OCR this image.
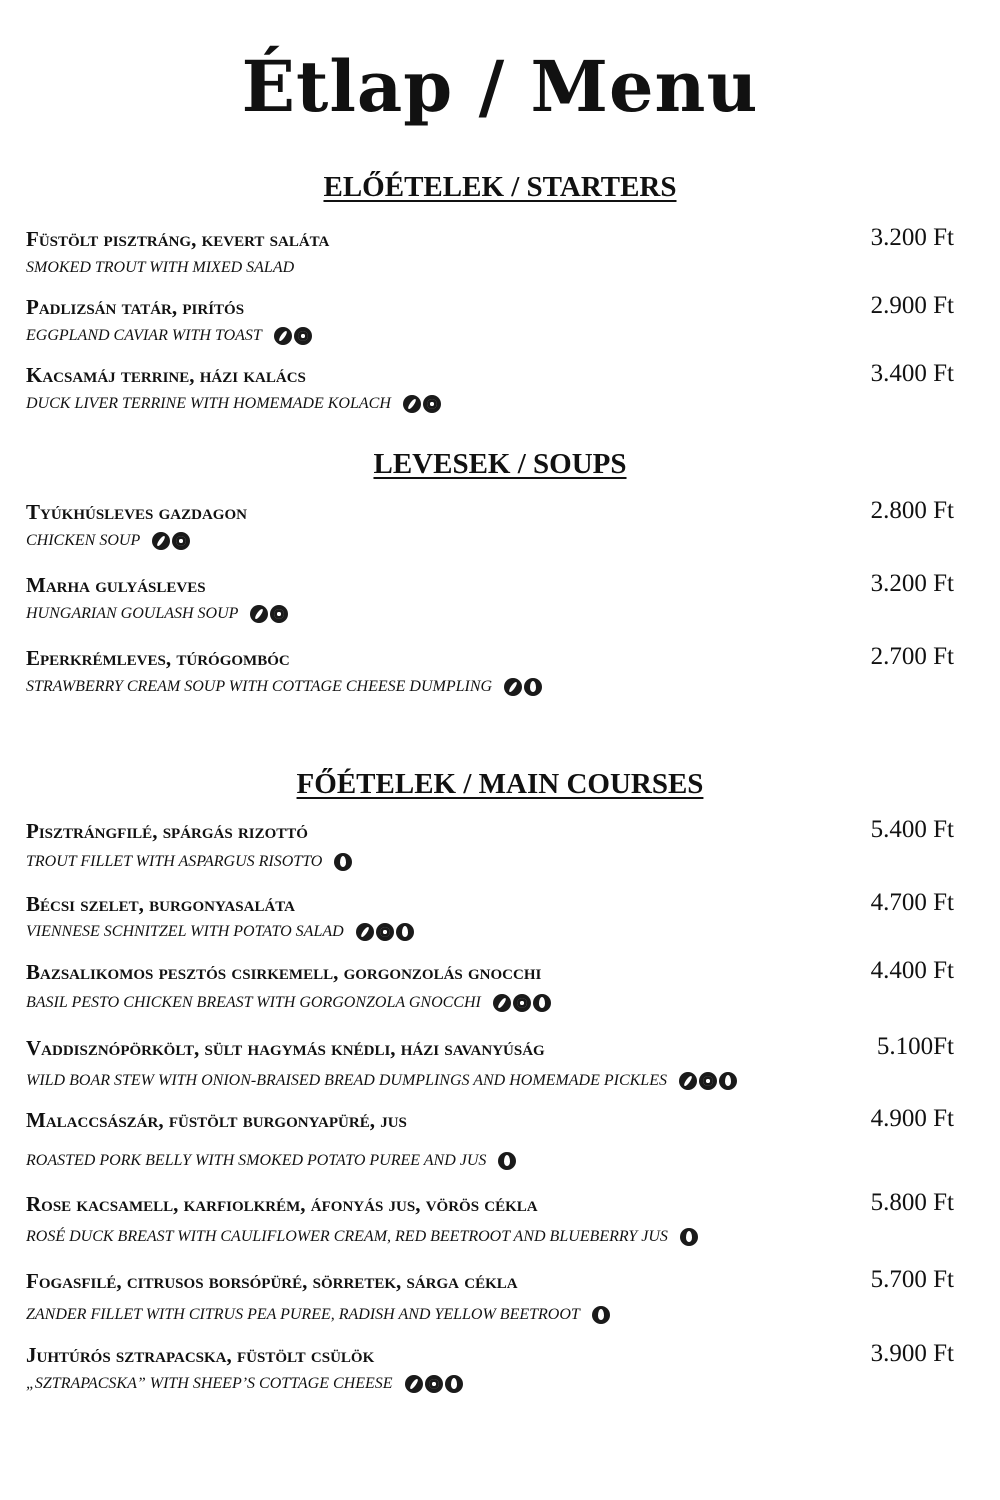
Étlap / Menu
ELŐÉTELEK / STARTERS
Füstölt pisztráng, kevert saláta	3.200 Ft
SMOKED TROUT WITH MIXED SALAD
Padlizsán tatár, pirítós	2.900 Ft
EGGPLAND CAVIAR WITH TOAST
Kacsamáj terrine, házi kalács	3.400 Ft
DUCK LIVER TERRINE WITH HOMEMADE KOLACH
LEVESEK / SOUPS
Tyúkhúsleves gazdagon	2.800 Ft
CHICKEN SOUP
Marha gulyásleves	3.200 Ft
HUNGARIAN GOULASH SOUP
Eperkrémleves, túrógombóc	2.700 Ft
STRAWBERRY CREAM SOUP WITH COTTAGE CHEESE DUMPLING
FŐÉTELEK / MAIN COURSES
Pisztrángfilé, spárgás rizottó	5.400 Ft
TROUT FILLET WITH ASPARGUS RISOTTO
Bécsi szelet, burgonyasaláta	4.700 Ft
VIENNESE SCHNITZEL WITH POTATO SALAD
Bazsalikomos pesztós csirkemell, gorgonzolás gnocchi	4.400 Ft
BASIL PESTO CHICKEN BREAST WITH GORGONZOLA GNOCCHI
Vaddisznópörkölt, sült hagymás knédli, házi savanyúság	5.100Ft
WILD BOAR STEW WITH ONION-BRAISED BREAD DUMPLINGS AND HOMEMADE PICKLES
Malaccsászár, füstölt burgonyapüré, jus	4.900 Ft
ROASTED PORK BELLY WITH SMOKED POTATO PUREE AND JUS
Rose kacsamell, karfiolkrém, áfonyás jus, vörös cékla	5.800 Ft
ROSÉ DUCK BREAST WITH CAULIFLOWER CREAM, RED BEETROOT AND BLUEBERRY JUS
Fogasfilé, citrusos borsópüré, sörretek, sárga cékla	5.700 Ft
ZANDER FILLET WITH CITRUS PEA PUREE, RADISH AND YELLOW BEETROOT
Juhtúrós sztrapacska, füstölt csülök	3.900 Ft
„SZTRAPACSKA” WITH SHEEP’S COTTAGE CHEESE
